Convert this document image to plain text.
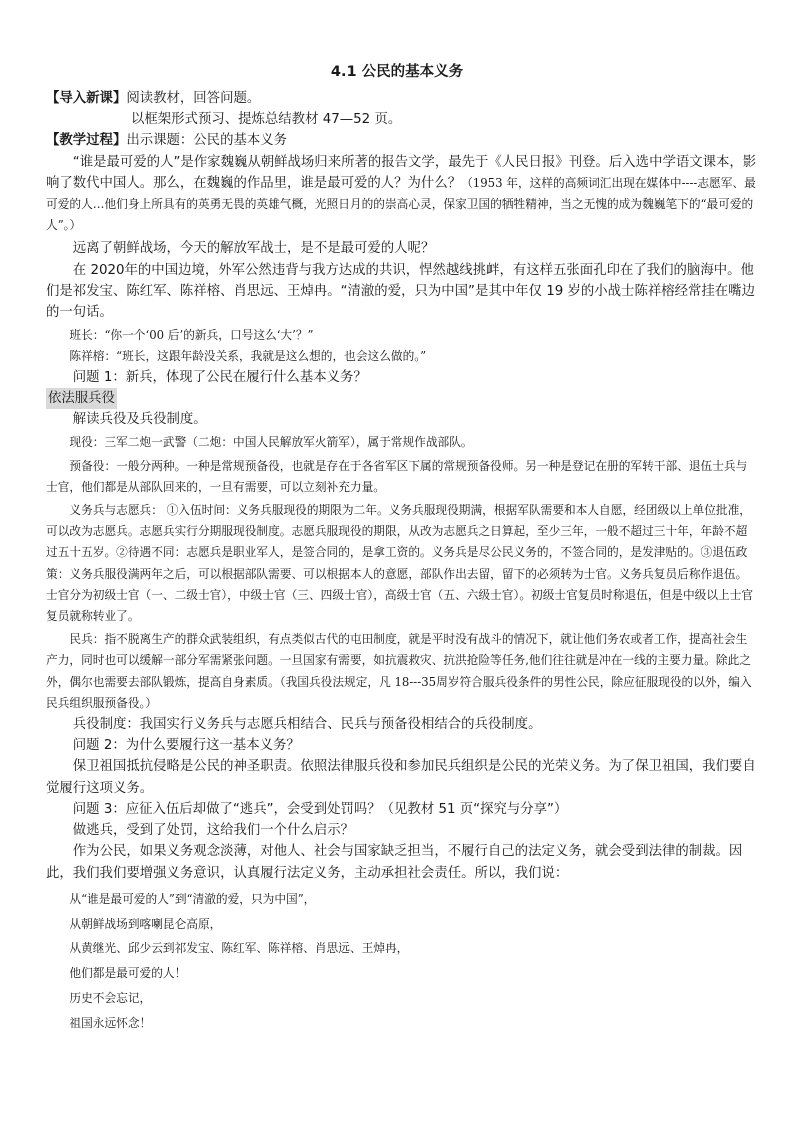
4.1 公民的基本义务

【导入新课】阅读教材，回答问题。

以框架形式预习、提炼总结教材 47—52 页。

【教学过程】出示课题：公民的基本义务

“谁是最可爱的人”是作家魏巍从朝鲜战场归来所著的报告文学，最先于《人民日报》刊登。后入选中学语文课本，影响了数代中国人。那么，在魏巍的作品里，谁是最可爱的人？为什么？（1953 年，这样的高频词汇出现在媒体中----志愿军、最可爱的人…他们身上所具有的英勇无畏的英雄气概，光照日月的的崇高心灵，保家卫国的牺牲精神，当之无愧的成为魏巍笔下的“最可爱的人”。）

远离了朝鲜战场，今天的解放军战士，是不是最可爱的人呢？

在 2020年的中国边境，外军公然违背与我方达成的共识，悍然越线挑衅，有这样五张面孔印在了我们的脑海中。他们是祁发宝、陈红军、陈祥榕、肖思远、王焯冉。“清澈的爱，只为中国”是其中年仅 19 岁的小战士陈祥榕经常挂在嘴边的一句话。

班长：“你一个‘00 后’的新兵，口号这么‘大’？”

陈祥榕：“班长，这跟年龄没关系，我就是这么想的，也会这么做的。”

问题 1：新兵，体现了公民在履行什么基本义务？

依法服兵役

解读兵役及兵役制度。

现役：三军二炮一武警（二炮：中国人民解放军火箭军），属于常规作战部队。

预备役：一般分两种。一种是常规预备役，也就是存在于各省军区下属的常规预备役师。另一种是登记在册的军转干部、退伍士兵与士官，他们都是从部队回来的，一旦有需要，可以立刻补充力量。

义务兵与志愿兵： ①入伍时间：义务兵服现役的期限为二年。义务兵服现役期满，根据军队需要和本人自愿，经团级以上单位批准，可以改为志愿兵。志愿兵实行分期服现役制度。志愿兵服现役的期限，从改为志愿兵之日算起，至少三年，一般不超过三十年，年龄不超过五十五岁。②待遇不同：志愿兵是职业军人，是签合同的，是拿工资的。义务兵是尽公民义务的，不签合同的，是发津贴的。③退伍政策：义务兵服役满两年之后，可以根据部队需要、可以根据本人的意愿，部队作出去留，留下的必须转为士官。义务兵复员后称作退伍。士官分为初级士官（一、二级士官），中级士官（三、四级士官），高级士官（五、六级士官）。初级士官复员时称退伍，但是中级以上士官复员就称转业了。

民兵：指不脱离生产的群众武装组织，有点类似古代的屯田制度，就是平时没有战斗的情况下，就让他们务农或者工作，提高社会生产力，同时也可以缓解一部分军需紧张问题。一旦国家有需要，如抗震救灾、抗洪抢险等任务,他们往往就是冲在一线的主要力量。除此之外，偶尔也需要去部队锻炼，提高自身素质。（我国兵役法规定，凡 18---35周岁符合服兵役条件的男性公民，除应征服现役的以外，编入民兵组织服预备役。）

兵役制度：我国实行义务兵与志愿兵相结合、民兵与预备役相结合的兵役制度。

问题 2：为什么要履行这一基本义务？

保卫祖国抵抗侵略是公民的神圣职责。依照法律服兵役和参加民兵组织是公民的光荣义务。为了保卫祖国，我们要自觉履行这项义务。

问题 3：应征入伍后却做了“逃兵”，会受到处罚吗？（见教材 51 页“探究与分享”）

做逃兵，受到了处罚，这给我们一个什么启示？

作为公民，如果义务观念淡薄，对他人、社会与国家缺乏担当，不履行自己的法定义务，就会受到法律的制裁。因此，我们我们要增强义务意识，认真履行法定义务，主动承担社会责任。所以，我们说：

从“谁是最可爱的人”到“清澈的爱，只为中国”，

从朝鲜战场到喀喇昆仑高原，

从黄继光、邱少云到祁发宝、陈红军、陈祥榕、肖思远、王焯冉，

他们都是最可爱的人！

历史不会忘记，

祖国永远怀念！
